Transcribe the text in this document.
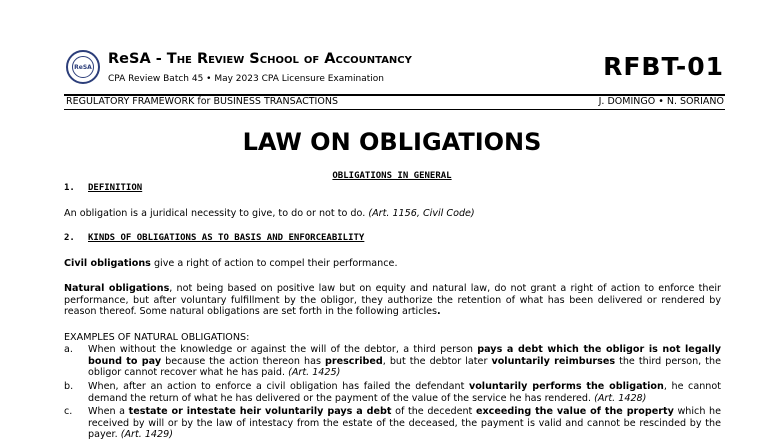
ReSA ReSA - The Review School of Accountancy
CPA Review Batch 45 • May 2023 CPA Licensure Examination	RFBT-01
REGULATORY FRAMEWORK for BUSINESS TRANSACTIONS	J. DOMINGO • N. SORIANO
LAW ON OBLIGATIONS
OBLIGATIONS IN GENERAL
1. DEFINITION
An obligation is a juridical necessity to give, to do or not to do. (Art. 1156, Civil Code)
2. KINDS OF OBLIGATIONS AS TO BASIS AND ENFORCEABILITY
Civil obligations give a right of action to compel their performance.
Natural obligations, not being based on positive law but on equity and natural law, do not grant a right of action to enforce their performance, but after voluntary fulfillment by the obligor, they authorize the retention of what has been delivered or rendered by reason thereof. Some natural obligations are set forth in the following articles.
EXAMPLES OF NATURAL OBLIGATIONS:
a. When without the knowledge or against the will of the debtor, a third person pays a debt which the obligor is not legally bound to pay because the action thereon has prescribed, but the debtor later voluntarily reimburses the third person, the obligor cannot recover what he has paid. (Art. 1425)
b. When, after an action to enforce a civil obligation has failed the defendant voluntarily performs the obligation, he cannot demand the return of what he has delivered or the payment of the value of the service he has rendered. (Art. 1428)
c. When a testate or intestate heir voluntarily pays a debt of the decedent exceeding the value of the property which he received by will or by the law of intestacy from the estate of the deceased, the payment is valid and cannot be rescinded by the payer. (Art. 1429)
